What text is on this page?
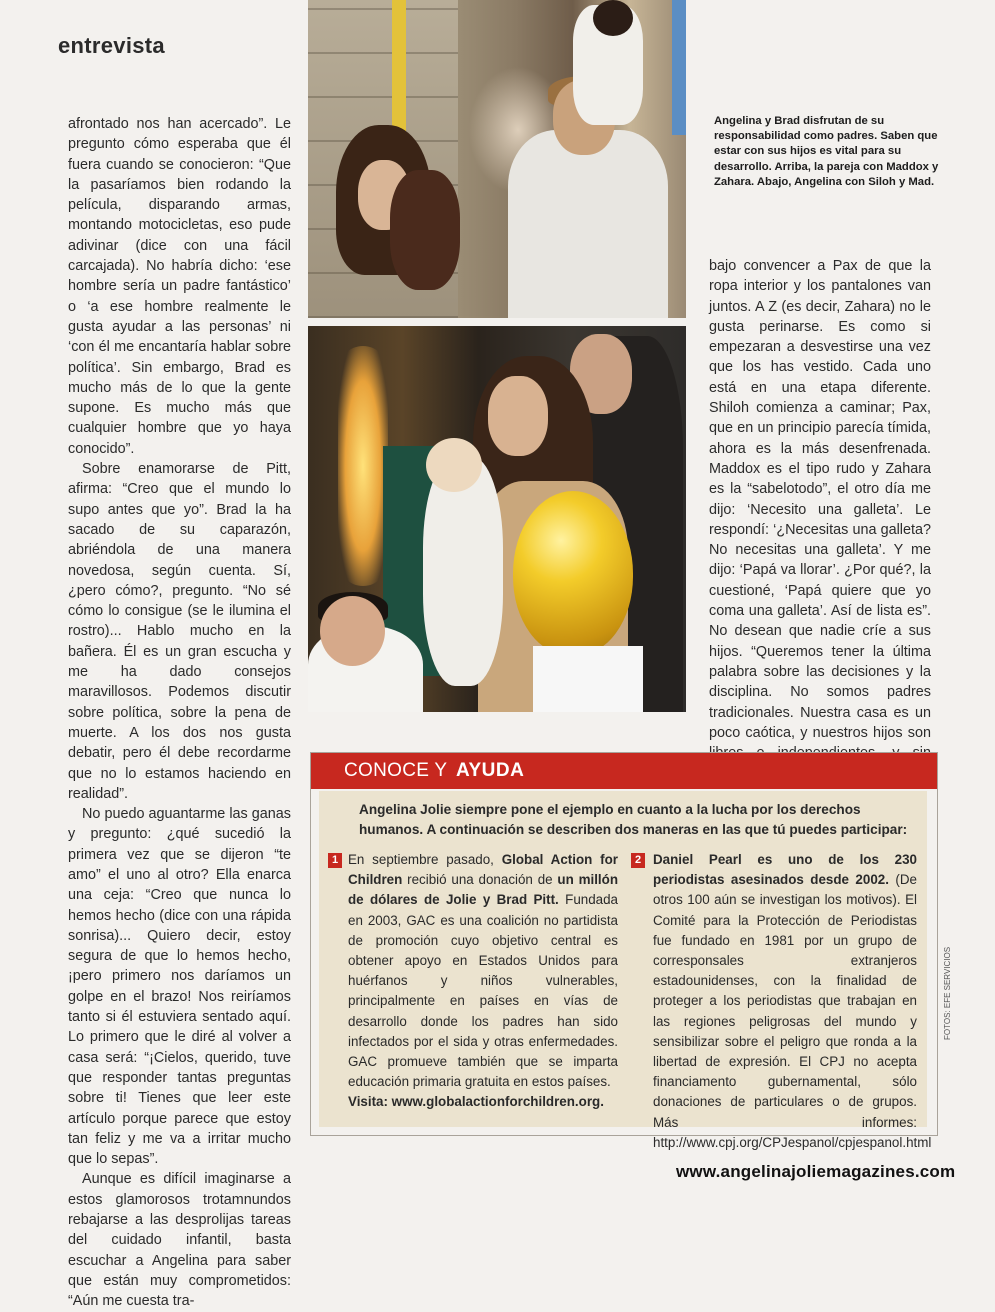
entrevista

afrontado nos han acercado”. Le pregunto cómo esperaba que él fuera cuando se conocieron: “Que la pasaríamos bien rodando la película, disparando armas, montando motocicletas, eso pude adivinar (dice con una fácil carcajada). No habría dicho: ‘ese hombre sería un padre fantástico’ o ‘a ese hombre realmente le gusta ayudar a las personas’ ni ‘con él me encantaría hablar sobre política’. Sin embargo, Brad es mucho más de lo que la gente supone. Es mucho más que cualquier hombre que yo haya conocido”.

Sobre enamorarse de Pitt, afirma: “Creo que el mundo lo supo antes que yo”. Brad la ha sacado de su caparazón, abriéndola de una manera novedosa, según cuenta. Sí, ¿pero cómo?, pregunto. “No sé cómo lo consigue (se le ilumina el rostro)... Hablo mucho en la bañera. Él es un gran escucha y me ha dado consejos maravillosos. Podemos discutir sobre política, sobre la pena de muerte. A los dos nos gusta debatir, pero él debe recordarme que no lo estamos haciendo en realidad”.

No puedo aguantarme las ganas y pregunto: ¿qué sucedió la primera vez que se dijeron “te amo” el uno al otro? Ella enarca una ceja: “Creo que nunca lo hemos hecho (dice con una rápida sonrisa)... Quiero decir, estoy segura de que lo hemos hecho, ¡pero primero nos daríamos un golpe en el brazo! Nos reiríamos tanto si él estuviera sentado aquí. Lo primero que le diré al volver a casa será: “¡Cielos, querido, tuve que responder tantas preguntas sobre ti! Tienes que leer este artículo porque parece que estoy tan feliz y me va a irritar mucho que lo sepas”.

Aunque es difícil imaginarse a estos glamorosos trotamnundos rebajarse a las desprolijas tareas del cuidado infantil, basta escuchar a Angelina para saber que están muy comprometidos: “Aún me cuesta tra-

Angelina y Brad disfrutan de su responsabilidad como padres. Saben que estar con sus hijos es vital para su desarrollo. Arriba, la pareja con Maddox y Zahara. Abajo, Angelina con Siloh y Mad.

bajo convencer a Pax de que la ropa interior y los pantalones van juntos. A Z (es decir, Zahara) no le gusta perinarse. Es como si empezaran a desvestirse una vez que los has vestido. Cada uno está en una etapa diferente. Shiloh comienza a caminar; Pax, que en un principio parecía tímida, ahora es la más desenfrenada. Maddox es el tipo rudo y Zahara es la “sabelotodo”, el otro día me dijo: ‘Necesito una galleta’. Le respondí: ‘¿Necesitas una galleta? No necesitas una galleta’. Y me dijo: ‘Papá va llorar’. ¿Por qué?, la cuestioné, ‘Papá quiere que yo coma una galleta’. Así de lista es”. No desean que nadie críe a sus hijos. “Queremos tener la última palabra sobre las decisiones y la disciplina. No somos padres tradicionales. Nuestra casa es un poco caótica, y nuestros hijos son

CONOCE Y AYUDA
Angelina Jolie siempre pone el ejemplo en cuanto a la lucha por los derechos humanos. A continuación se describen dos maneras en las que tú puedes participar:
1 En septiembre pasado, Global Action for Children recibió una donación de un millón de dólares de Jolie y Brad Pitt. Fundada en 2003, GAC es una coalición no partidista de promoción cuyo objetivo central es obtener apoyo en Estados Unidos para huérfanos y niños vulnerables, principalmente en países en vías de desarrollo donde los padres han sido infectados por el sida y otras enfermedades. GAC promueve también que se imparta educación primaria gratuita en estos países.
Visita: www.globalactionforchildren.org.
2 Daniel Pearl es uno de los 230 periodistas asesinados desde 2002. (De otros 100 aún se investigan los motivos). El Comité para la Protección de Periodistas fue fundado en 1981 por un grupo de corresponsales extranjeros estadounidenses, con la finalidad de proteger a los periodistas que trabajan en las regiones peligrosas del mundo y sensibilizar sobre el peligro que ronda a la libertad de expresión. El CPJ no acepta financiamento gubernamental, sólo donaciones de particulares o de grupos. Más informes: http://www.cpj.org/CPJespanol/cpjespanol.html
FOTOS: EFE SERVICIOS
www.angelinajoliemagazines.com
